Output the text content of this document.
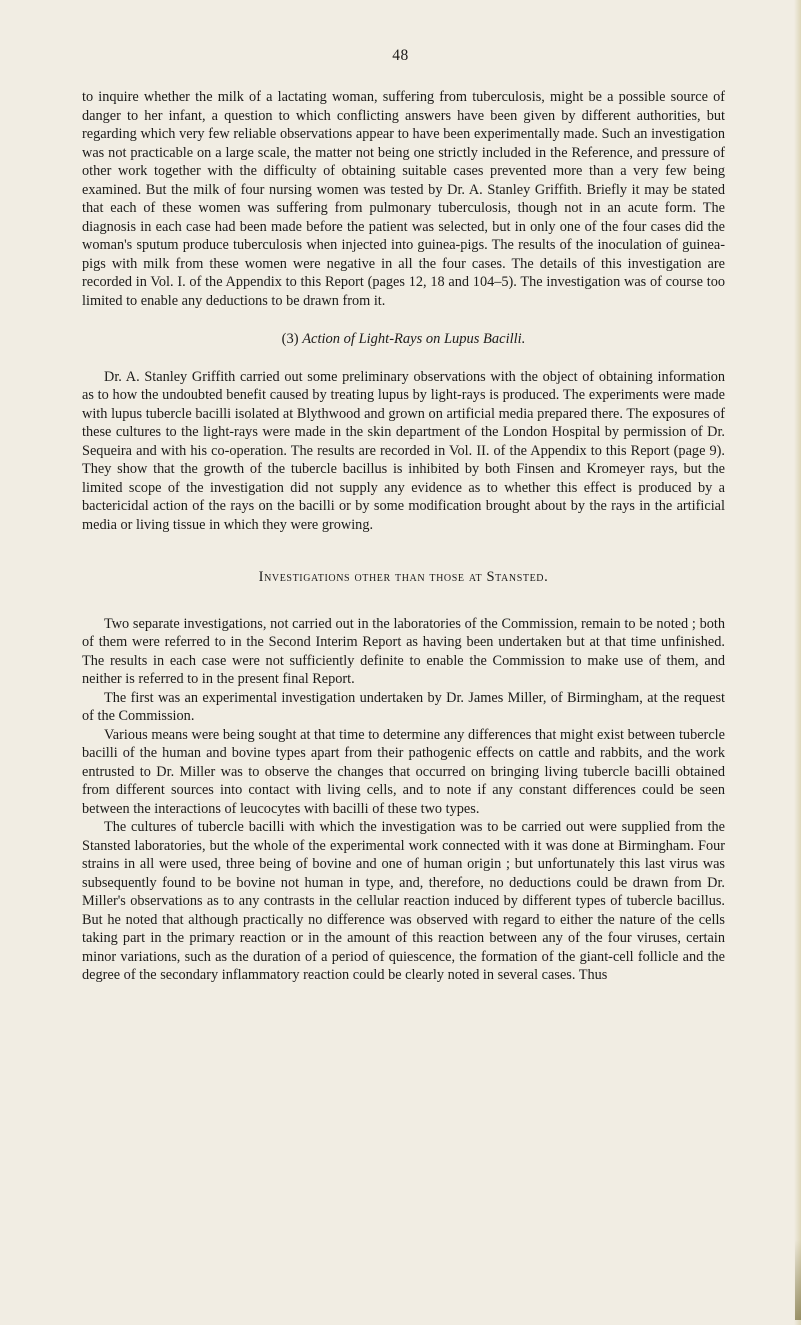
48

to inquire whether the milk of a lactating woman, suffering from tuberculosis, might be a possible source of danger to her infant, a question to which conflicting answers have been given by different authorities, but regarding which very few reliable observations appear to have been experimentally made. Such an investigation was not practicable on a large scale, the matter not being one strictly included in the Reference, and pressure of other work together with the difficulty of obtaining suitable cases prevented more than a very few being examined. But the milk of four nursing women was tested by Dr. A. Stanley Griffith. Briefly it may be stated that each of these women was suffering from pulmonary tuberculosis, though not in an acute form. The diagnosis in each case had been made before the patient was selected, but in only one of the four cases did the woman's sputum produce tuberculosis when injected into guinea-pigs. The results of the inoculation of guinea-pigs with milk from these women were negative in all the four cases. The details of this investigation are recorded in Vol. I. of the Appendix to this Report (pages 12, 18 and 104–5). The investigation was of course too limited to enable any deductions to be drawn from it.

(3) Action of Light-Rays on Lupus Bacilli.

Dr. A. Stanley Griffith carried out some preliminary observations with the object of obtaining information as to how the undoubted benefit caused by treating lupus by light-rays is produced. The experiments were made with lupus tubercle bacilli isolated at Blythwood and grown on artificial media prepared there. The exposures of these cultures to the light-rays were made in the skin department of the London Hospital by permission of Dr. Sequeira and with his co-operation. The results are recorded in Vol. II. of the Appendix to this Report (page 9). They show that the growth of the tubercle bacillus is inhibited by both Finsen and Kromeyer rays, but the limited scope of the investigation did not supply any evidence as to whether this effect is produced by a bactericidal action of the rays on the bacilli or by some modification brought about by the rays in the artificial media or living tissue in which they were growing.

Investigations other than those at Stansted.

Two separate investigations, not carried out in the laboratories of the Commission, remain to be noted ; both of them were referred to in the Second Interim Report as having been undertaken but at that time unfinished. The results in each case were not sufficiently definite to enable the Commission to make use of them, and neither is referred to in the present final Report.

The first was an experimental investigation undertaken by Dr. James Miller, of Birmingham, at the request of the Commission.

Various means were being sought at that time to determine any differences that might exist between tubercle bacilli of the human and bovine types apart from their pathogenic effects on cattle and rabbits, and the work entrusted to Dr. Miller was to observe the changes that occurred on bringing living tubercle bacilli obtained from different sources into contact with living cells, and to note if any constant differences could be seen between the interactions of leucocytes with bacilli of these two types.

The cultures of tubercle bacilli with which the investigation was to be carried out were supplied from the Stansted laboratories, but the whole of the experimental work connected with it was done at Birmingham. Four strains in all were used, three being of bovine and one of human origin ; but unfortunately this last virus was subsequently found to be bovine not human in type, and, therefore, no deductions could be drawn from Dr. Miller's observations as to any contrasts in the cellular reaction induced by different types of tubercle bacillus. But he noted that although practically no difference was observed with regard to either the nature of the cells taking part in the primary reaction or in the amount of this reaction between any of the four viruses, certain minor variations, such as the duration of a period of quiescence, the formation of the giant-cell follicle and the degree of the secondary inflammatory reaction could be clearly noted in several cases. Thus
